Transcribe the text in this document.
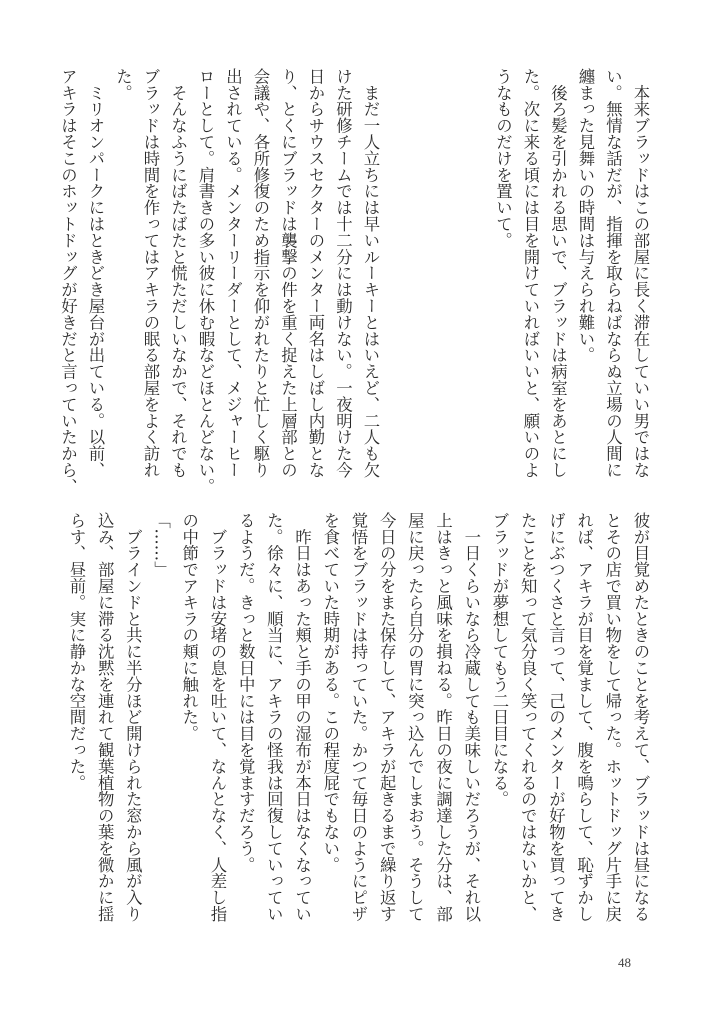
　本来ブラッドはこの部屋に長く滞在していい男ではな
い。無情な話だが、指揮を取らねばならぬ立場の人間に
纏まった見舞いの時間は与えられ難い。
　後ろ髪を引かれる思いで、ブラッドは病室をあとにし
た。次に来る頃には目を開けていればいいと、願いのよ
うなものだけを置いて。
　まだ一人立ちには早いルーキーとはいえど、二人も欠
けた研修チームでは十二分には動けない。一夜明けた今
日からサウスセクターのメンター両名はしばし内勤とな
り、とくにブラッドは襲撃の件を重く捉えた上層部との
会議や、各所修復のため指示を仰がれたりと忙しく駆り
出されている。メンターリーダーとして、メジャーヒー
ローとして。肩書きの多い彼に休む暇などほとんどない。
　そんなふうにばたばたと慌ただしいなかで、それでも
ブラッドは時間を作ってはアキラの眠る部屋をよく訪れ
た。
　ミリオンパークにはときどき屋台が出ている。以前、
アキラはそこのホットドッグが好きだと言っていたから、
彼が目覚めたときのことを考えて、ブラッドは昼になる
とその店で買い物をして帰った。ホットドッグ片手に戻
れば、アキラが目を覚まして、腹を鳴らして、恥ずかし
げにぶつくさと言って、己のメンターが好物を買ってき
たことを知って気分良く笑ってくれるのではないかと、
ブラッドが夢想してもう二日目になる。
　一日くらいなら冷蔵しても美味しいだろうが、それ以
上はきっと風味を損ねる。昨日の夜に調達した分は、部
屋に戻ったら自分の胃に突っ込んでしまおう。そうして
今日の分をまた保存して、アキラが起きるまで繰り返す
覚悟をブラッドは持っていた。かつて毎日のようにピザ
を食べていた時期がある。この程度屁でもない。
　昨日はあった頬と手の甲の湿布が本日はなくなってい
た。徐々に、順当に、アキラの怪我は回復していってい
るようだ。きっと数日中には目を覚ますだろう。
　ブラッドは安堵の息を吐いて、なんとなく、人差し指
の中節でアキラの頬に触れた。
「……」
　ブラインドと共に半分ほど開けられた窓から風が入り
込み、部屋に滞る沈黙を連れて観葉植物の葉を微かに揺
らす、昼前。実に静かな空間だった。
48
